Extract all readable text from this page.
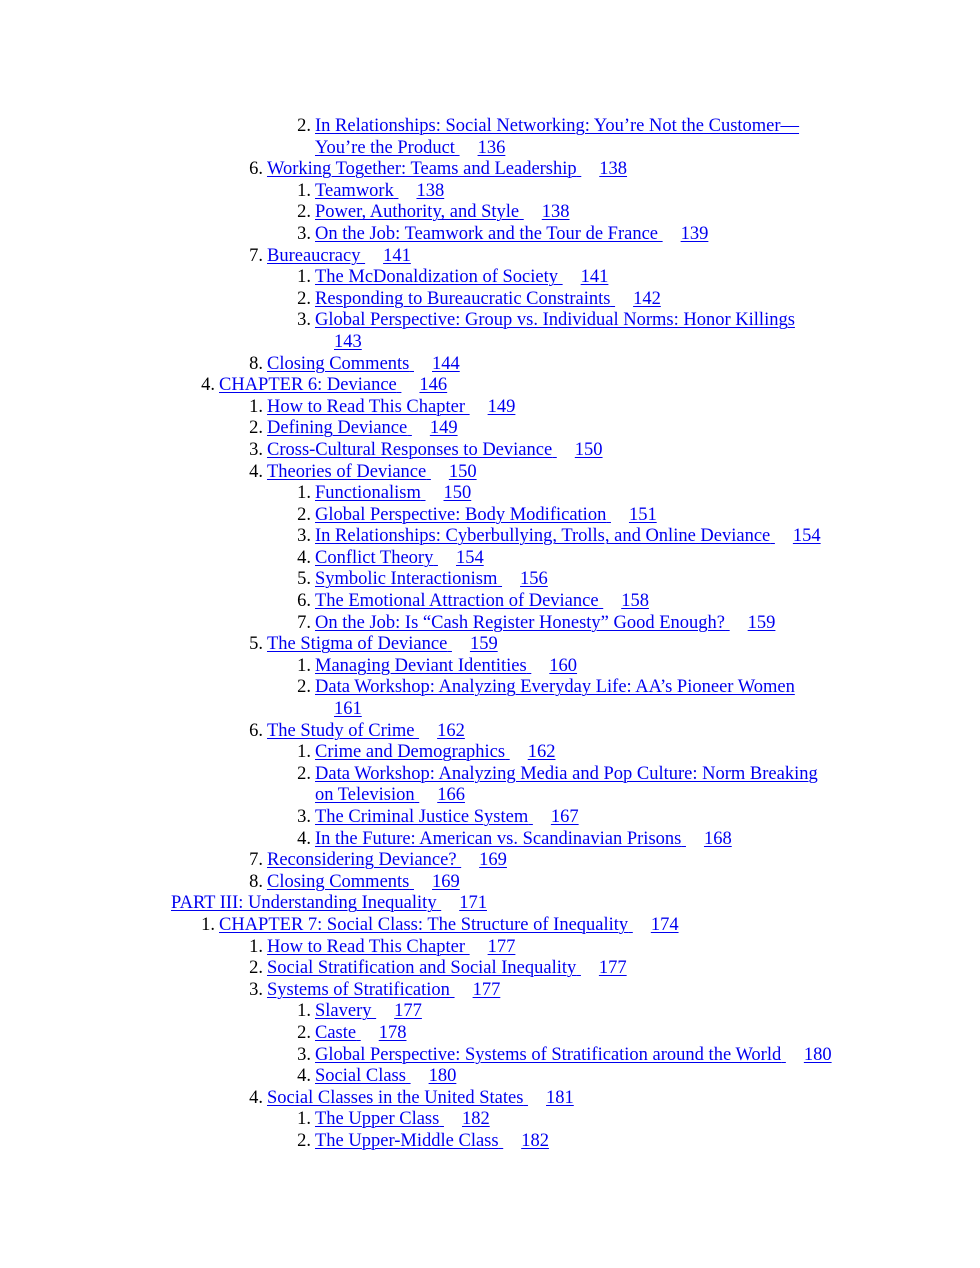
2. In Relationships: Social Networking: You’re Not the Customer—
You’re the Product 136
6. Working Together: Teams and Leadership 138
1. Teamwork 138
2. Power, Authority, and Style 138
3. On the Job: Teamwork and the Tour de France 139
7. Bureaucracy 141
1. The McDonaldization of Society 141
2. Responding to Bureaucratic Constraints 142
3. Global Perspective: Group vs. Individual Norms: Honor Killings
143
8. Closing Comments 144
4. CHAPTER 6: Deviance 146
1. How to Read This Chapter 149
2. Defining Deviance 149
3. Cross-Cultural Responses to Deviance 150
4. Theories of Deviance 150
1. Functionalism 150
2. Global Perspective: Body Modification 151
3. In Relationships: Cyberbullying, Trolls, and Online Deviance 154
4. Conflict Theory 154
5. Symbolic Interactionism 156
6. The Emotional Attraction of Deviance 158
7. On the Job: Is “Cash Register Honesty” Good Enough? 159
5. The Stigma of Deviance 159
1. Managing Deviant Identities 160
2. Data Workshop: Analyzing Everyday Life: AA’s Pioneer Women
161
6. The Study of Crime 162
1. Crime and Demographics 162
2. Data Workshop: Analyzing Media and Pop Culture: Norm Breaking
on Television 166
3. The Criminal Justice System 167
4. In the Future: American vs. Scandinavian Prisons 168
7. Reconsidering Deviance? 169
8. Closing Comments 169
PART III: Understanding Inequality 171
1. CHAPTER 7: Social Class: The Structure of Inequality 174
1. How to Read This Chapter 177
2. Social Stratification and Social Inequality 177
3. Systems of Stratification 177
1. Slavery 177
2. Caste 178
3. Global Perspective: Systems of Stratification around the World 180
4. Social Class 180
4. Social Classes in the United States 181
1. The Upper Class 182
2. The Upper-Middle Class 182
